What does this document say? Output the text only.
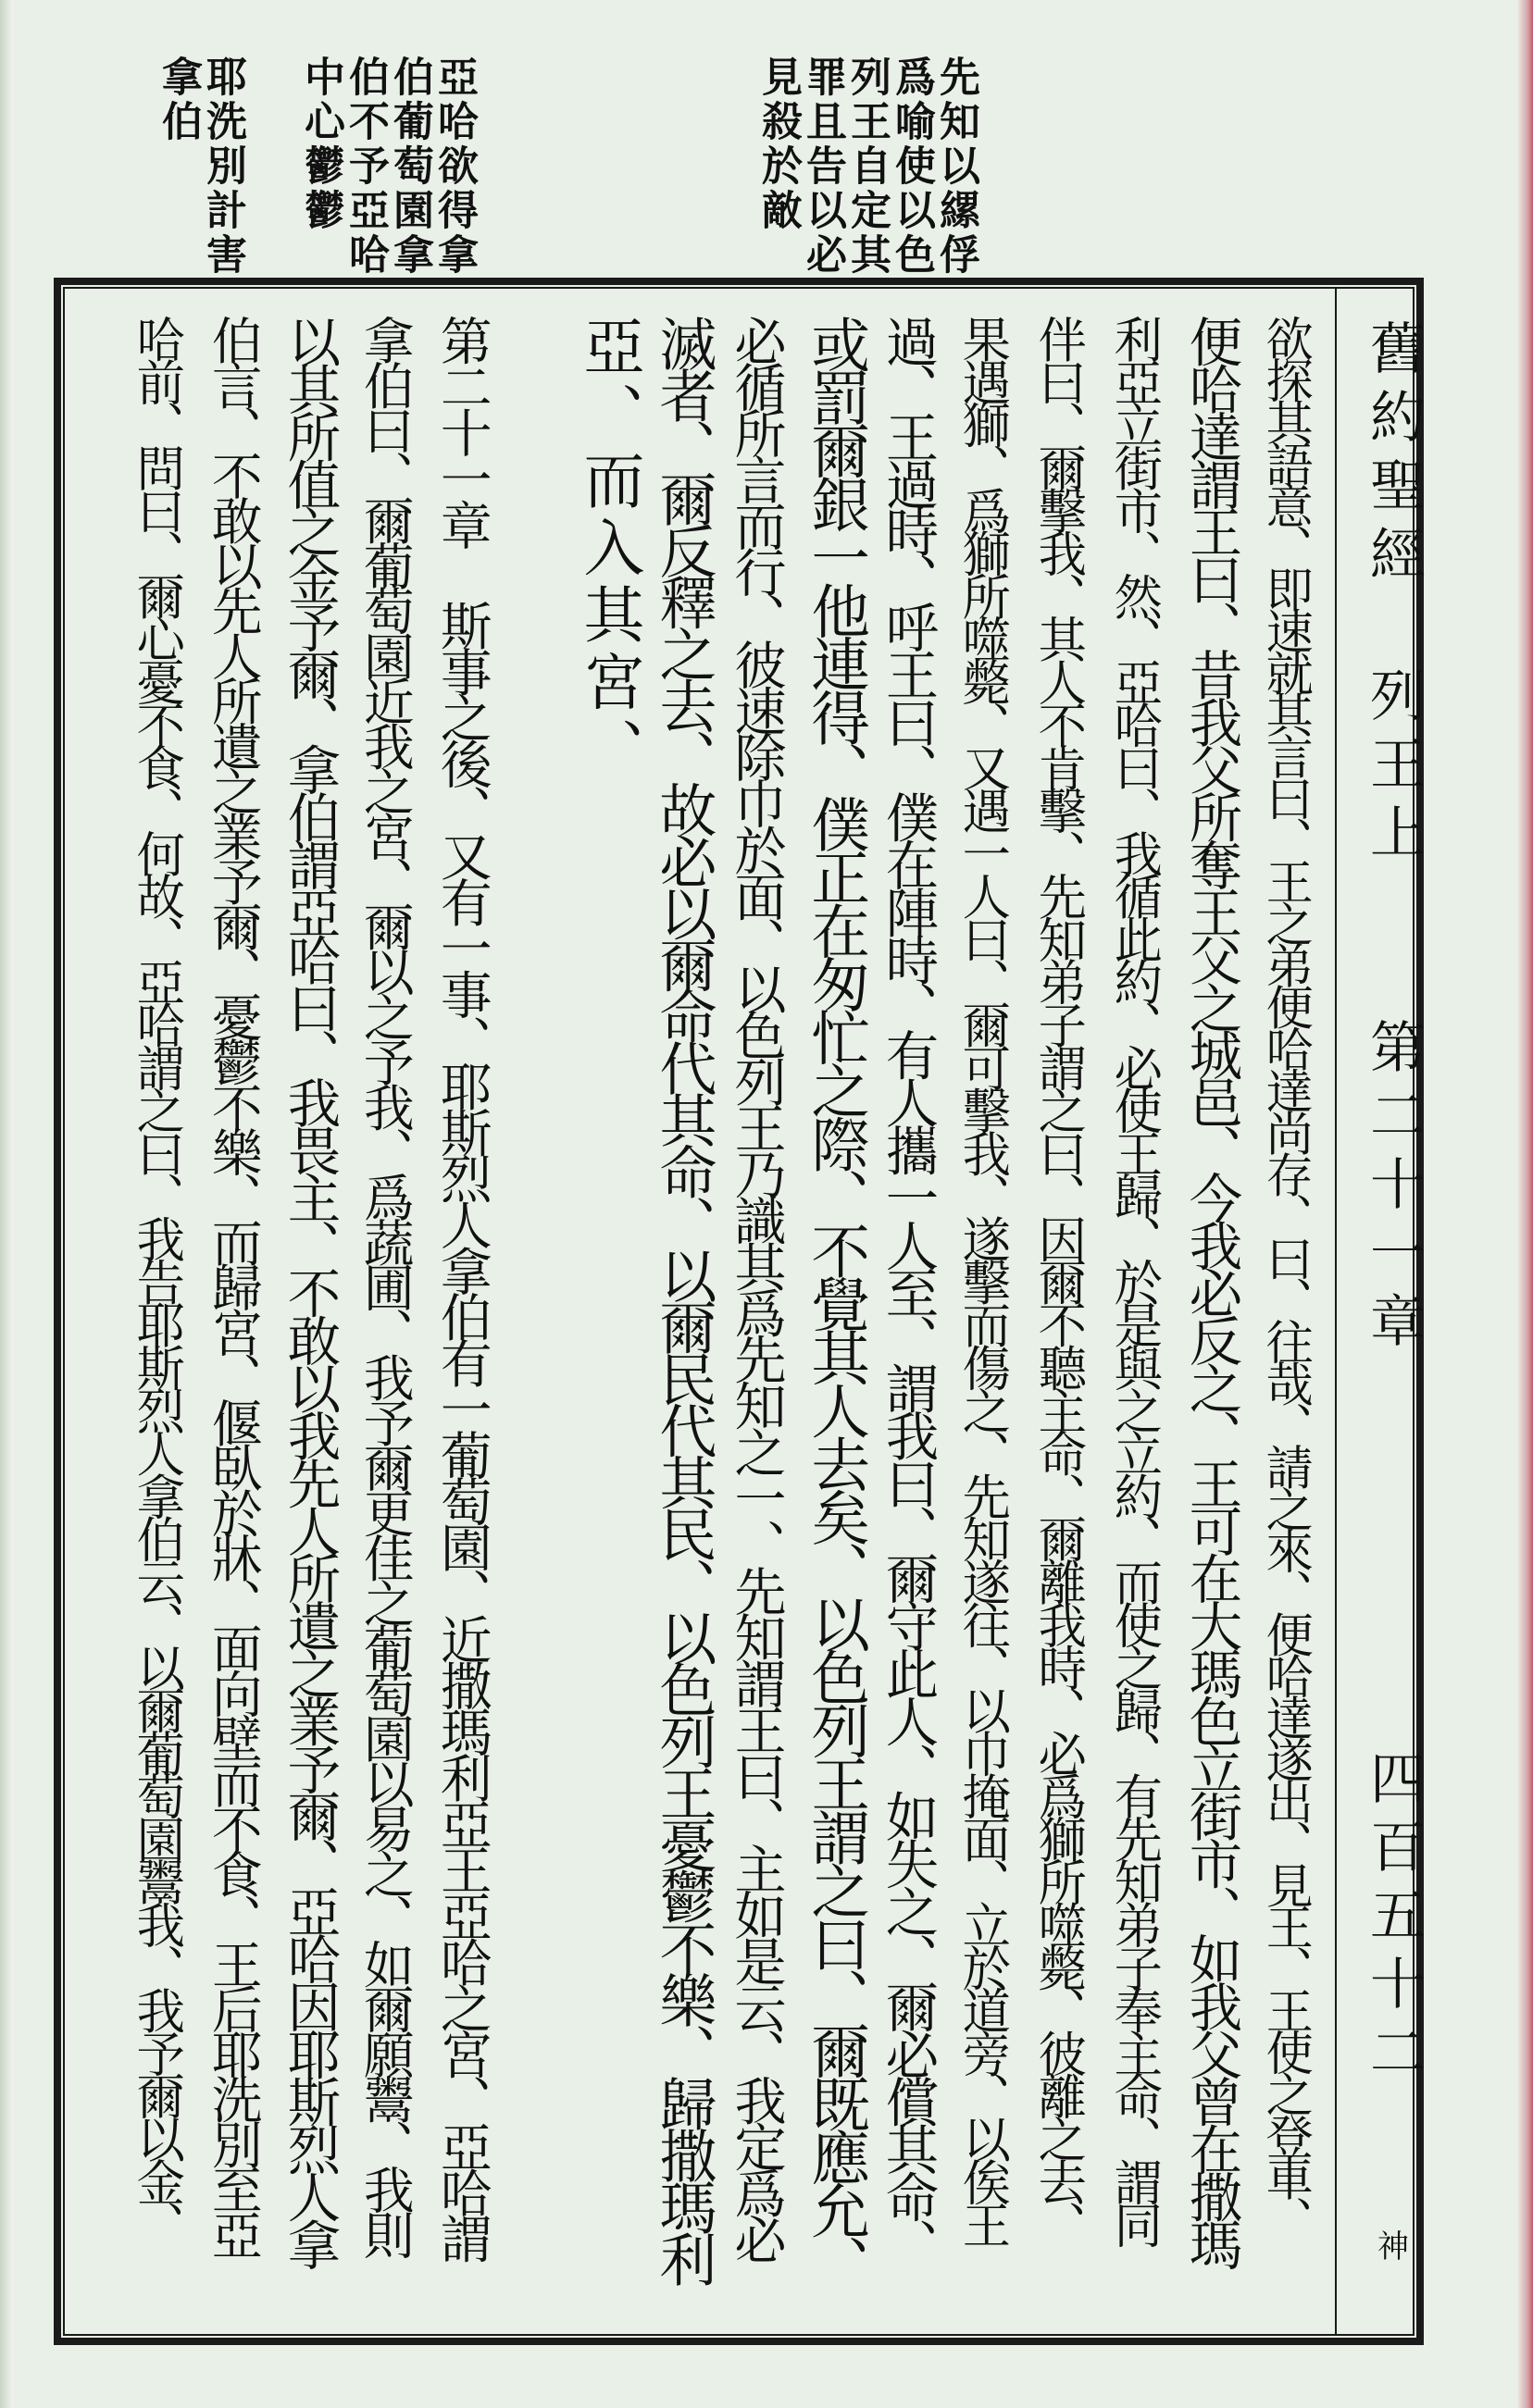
先知以縲俘
爲喻使以色
列王自定其
罪且告以必
見殺於敵
亞哈欲得拿
伯葡萄園拿
伯不予亞哈
中心鬱鬱
耶洗別計害
拿伯
舊約聖經
列王上
第二十一章
四百五十二
欲探其語意、即速就其言曰、王之弟便哈達尚存、曰、往哉、請之來、便哈達遂出、見王、王使之登車、
便哈達謂王曰、昔我父所奪王父之城邑、今我必反之、王可在大瑪色立街市、如我父曾在撒瑪
利亞立街市、然、亞哈曰、我循此約、必使王歸、於是與之立約、而使之歸、有先知弟子奉主命、謂同
伴曰、爾擊我、其人不肯擊、先知弟子謂之曰、因爾不聽主命、爾離我時、必爲獅所噬斃、彼離之去、
果遇獅、爲獅所噬斃、又遇一人曰、爾可擊我、遂擊而傷之、先知遂往、以巾掩面、立於道旁、以俟王
過、王過時、呼王曰、僕在陣時、有人攜一人至、謂我曰、爾守此人、如失之、爾必償其命、
或罰爾銀一他連得、僕正在匆忙之際、不覺其人去矣、以色列王謂之曰、爾既應允、
必循所言而行、彼速除巾於面、以色列王乃識其爲先知之一、先知謂王曰、主如是云、我定爲必
滅者、爾反釋之去、故必以爾命代其命、以爾民代其民、以色列王憂鬱不樂、歸撒瑪利
亞、而入其宮、
第二十一章 斯事之後、又有一事、耶斯烈人拿伯有一葡萄園、近撒瑪利亞王亞哈之宮、亞哈謂
拿伯曰、爾葡萄園近我之宮、爾以之予我、爲蔬圃、我予爾更佳之葡萄園以易之、如爾願鬻、我則
以其所值之金予爾、拿伯謂亞哈曰、我畏主、不敢以我先人所遺之業予爾、亞哈因耶斯烈人拿
伯言、不敢以先人所遺之業予爾、憂鬱不樂、而歸宮、偃臥於牀、面向壁而不食、王后耶洗別至亞
哈前、問曰、爾心憂不食、何故、亞哈謂之曰、我告耶斯烈人拿伯云、以爾葡萄園鬻我、我予爾以金、
神
